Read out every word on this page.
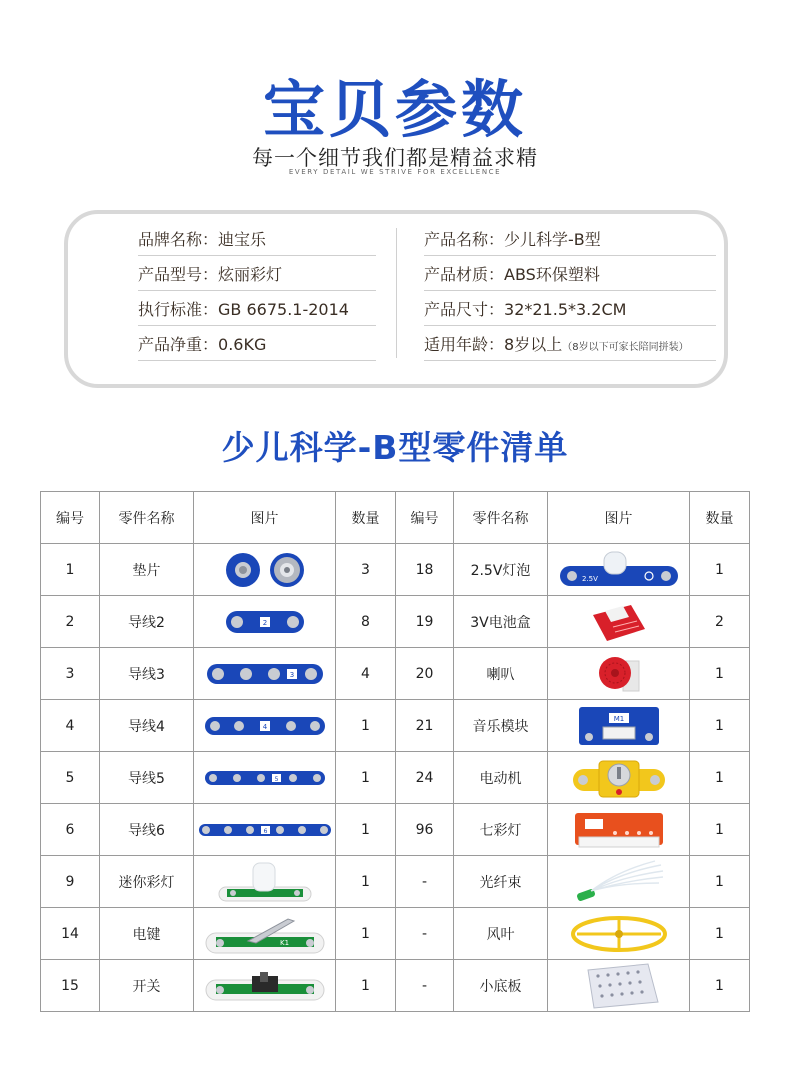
宝贝参数
每一个细节我们都是精益求精
EVERY DETAIL WE STRIVE FOR EXCELLENCE
品牌名称：迪宝乐
产品型号：炫丽彩灯
执行标准：GB 6675.1-2014
产品净重：0.6KG
产品名称：少儿科学-B型
产品材质：ABS环保塑料
产品尺寸：32*21.5*3.2CM
适用年龄：8岁以上（8岁以下可家长陪同拼装）
少儿科学-B型零件清单
编号	零件名称	图片	数量	编号	零件名称	图片	数量
1	垫片		3	18	2.5V灯泡	2.5V	1
2	导线2	2	8	19	3V电池盒		2
3	导线3	3	4	20	喇叭		1
4	导线4	4	1	21	音乐模块	M1	1
5	导线5	5	1	24	电动机		1
6	导线6	6	1	96	七彩灯		1
9	迷你彩灯		1	-	光纤束		1
14	电键	K1	1	-	风叶		1
15	开关		1	-	小底板		1
